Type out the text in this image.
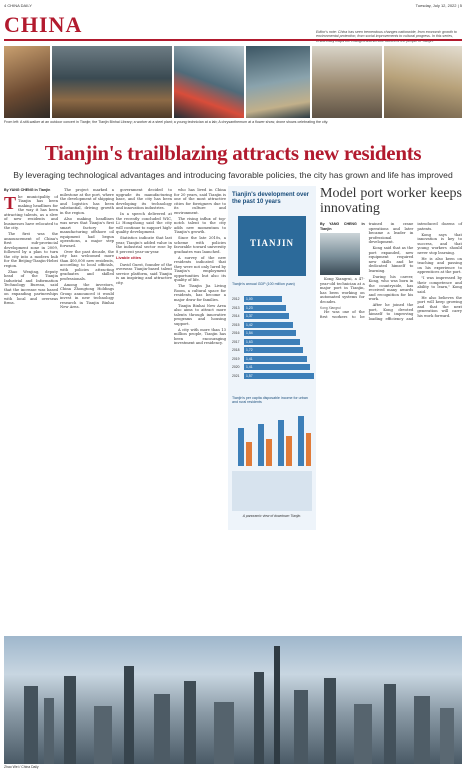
4 CHINA DAILY	Tuesday, July 12, 2022 | 5
CHINA	Editor's note: China has seen tremendous changes nationwide, from economic growth to environmental protection, from social improvements to cultural progress. In this series,
From left: A stilt-walker at an outdoor concert in Tianjin; the Tianjin Binhai Library; a worker at a steel plant; a young technician at a lab; A chrysanthemum at a flower show; drone shows celebrating the city.
Tianjin's trailblazing attracts new residents
By leveraging technological advantages and introducing favorable policies, the city has grown and life has improved
By YANG CHENG in Tianjin
T he municipality of Tianjin has been making headlines for the way it has been attracting talents, as a slew of new residents and businesses have relocated to the city.

The first was the announcement of China's first sub-provincial development zone in 2009, followed by a plan to turn the city into a modern hub for the Beijing-Tianjin-Hebei region.

Zhao Wenjing, deputy head of the Tianjin Industrial and Information Technology Bureau, said that the increase was based on expanding partnerships with local and overseas firms.

The project marked a milestone at the port, where the development of shipping and logistics has been substantial, driving growth in the region.

Also making headlines was news that Tianjin's first smart factory for manufacturing offshore oil equipment had begun operations, a major step forward.

Over the past decade, the city has welcomed more than 400,000 new residents, according to local officials, with policies attracting graduates and skilled professionals.

Among the investors, China Zhongtong Holdings Group announced it would invest in new technology research in Tianjin Binhai New Area.

government decided to upgrade its manufacturing base, and the city has been developing its technology and innovation industries.

In a speech delivered at the recently concluded WIC, Li Hongzhong said the city will continue to support high-quality development.

Statistics indicate that last year, Tianjin's added value in the industrial sector rose by 8 percent year-on-year.

Livable cities

David Guest, founder of the overseas Tianjin-based talent service platform, said Tianjin is an inspiring and attractive city.

who has lived in China for 20 years, said Tianjin is one of the most attractive cities for foreigners due to its culture and environment.

The rising influx of top-notch talent to the city adds new momentum to Tianjin's growth.

Since the late 2010s, a scheme with policies favorable toward university graduates was launched.

A survey of the new residents indicated that they were not only lured by Tianjin's employment opportunities but also its quality of life.

The Tianjin Jia Living Room, a cultural space for residents, has become a major draw for families.

Tianjin Binhai New Area also aims to attract more talents through innovative programs and housing support.

A city with more than 13 million people, Tianjin has been encouraging investment and residency.

Tianjin's development over the past 10 years
TIANJIN
Tianjin's annual GDP (100 million yuan)
2012	1,00
2013	1,23
2014	1,37
2015	1,42
2016	1,54
2017	1,63
2018	1,72
2019	1,41
2020	1,41
2021	1,57
Tianjin's per capita disposable income for urban and rural residents
A panoramic view of downtown Tianjin.
Model port worker keeps innovating
By YANG CHENG in Tianjin

Kong Xiangrui, a 47-year-old technician at a major port in Tianjin, has been working on automated systems for decades.

Kong Xiangrui

He was one of the first workers to be trained in crane operations and later became a leader in professional development.

Kong said that as the port expanded, new equipment required new skills and he dedicated himself to learning.

During his career, Kong, who was born in the countryside, has received many awards and recognition for his work.

After he joined the port, Kong devoted himself to improving loading efficiency and introduced dozens of patents.

Kong says that innovation is key to success, and that young workers should never stop learning.

He is also keen on teaching and passing on his experience to apprentices at the port.

"I was impressed by their competence and ability to learn," Kong said.

He also believes the port will keep growing and that the next generation will carry his work forward.

Zhao Wei / China Daily
